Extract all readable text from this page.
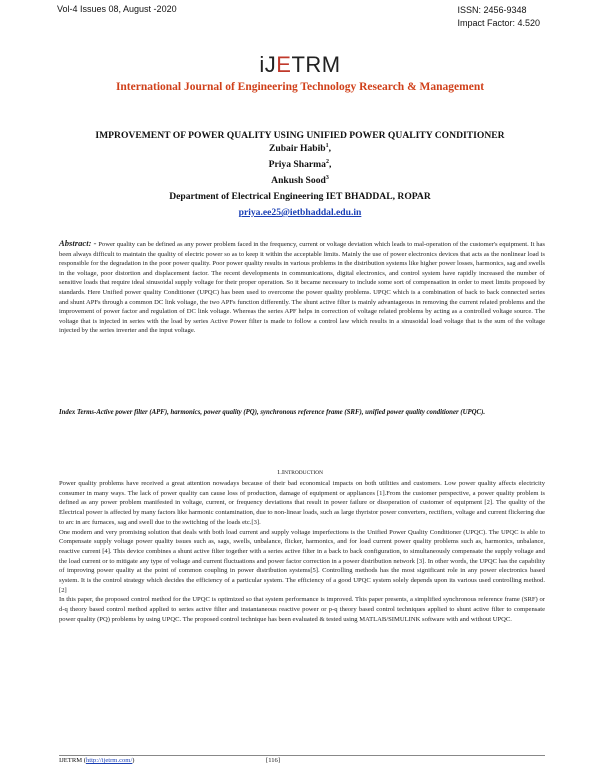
Vol-4 Issues 08, August -2020	ISSN: 2456-9348
Impact Factor: 4.520
iJETRM
International Journal of Engineering Technology Research & Management
IMPROVEMENT OF POWER QUALITY USING UNIFIED POWER QUALITY CONDITIONER
Zubair Habib$^1$,
Priya Sharma$^2$,
Ankush Sood$^3$
Department of Electrical Engineering IET BHADDAL, ROPAR
priya.ee25@ietbhaddal.edu.in
Abstract: - Power quality can be defined as any power problem faced in the frequency, current or voltage deviation which leads to mal-operation of the customer's equipment. It has been always difficult to maintain the quality of electric power so as to keep it within the acceptable limits. Mainly the use of power electronics devices that acts as the nonlinear load is responsible for the degradation in the poor power quality. Poor power quality results in various problems in the distribution systems like higher power losses, harmonics, sag and swells in the voltage, poor distortion and displacement factor. The recent developments in communications, digital electronics, and control system have rapidly increased the number of sensitive loads that require ideal sinusoidal supply voltage for their proper operation. So it became necessary to include some sort of compensation in order to meet limits proposed by standards. Here Unified power quality Conditioner (UPQC) has been used to overcome the power quality problems. UPQC which is a combination of back to back connected series and shunt APFs through a common DC link voltage, the two APFs function differently. The shunt active filter is mainly advantageous in removing the current related problems and the improvement of power factor and regulation of DC link voltage. Whereas the series APF helps in correction of voltage related problems by acting as a controlled voltage source. The voltage that is injected in series with the load by series Active Power filter is made to follow a control law which results in a sinusoidal load voltage that is the sum of the voltage injected by the series inverter and the input voltage.
Index Terms-Active power filter (APF), harmonics, power quality (PQ), synchronous reference frame (SRF), unified power quality conditioner (UPQC).
1.INTRODUCTION

Power quality problems have received a great attention nowadays because of their bad economical impacts on both utilities and customers. Low power quality affects electricity consumer in many ways. The lack of power quality can cause loss of production, damage of equipment or appliances [1].From the customer perspective, a power quality problem is defined as any power problem manifested in voltage, current, or frequency deviations that result in power failure or disoperation of customer of equipment [2]. The quality of the Electrical power is affected by many factors like harmonic contamination, due to non-linear loads, such as large thyristor power converters, rectifiers, voltage and current flickering due to arc in arc furnaces, sag and swell due to the switching of the loads etc.[3].

One modern and very promising solution that deals with both load current and supply voltage imperfections is the Unified Power Quality Conditioner (UPQC). The UPQC is able to Compensate supply voltage power quality issues such as, sags, swells, unbalance, flicker, harmonics, and for load current power quality problems such as, harmonics, unbalance, reactive current [4]. This device combines a shunt active filter together with a series active filter in a back to back configuration, to simultaneously compensate the supply voltage and the load current or to mitigate any type of voltage and current fluctuations and power factor correction in a power distribution network [3]. In other words, the UPQC has the capability of improving power quality at the point of common coupling in power distribution systems[5]. Controlling methods has the most significant role in any power electronics based system. It is the control strategy which decides the efficiency of a particular system. The efficiency of a good UPQC system solely depends upon its various used controlling method.[2]

In this paper, the proposed control method for the UPQC is optimized so that system performance is improved. This paper presents, a simplified synchronous reference frame (SRF) or d-q theory based control method applied to series active filter and instantaneous reactive power or p-q theory based control techniques applied to shunt active filter to compensate power quality (PQ) problems by using UPQC. The proposed control technique has been evaluated & tested using MATLAB/SIMULINK software with and without UPQC.

IJETRM (http://ijetrm.com/)	[116]
